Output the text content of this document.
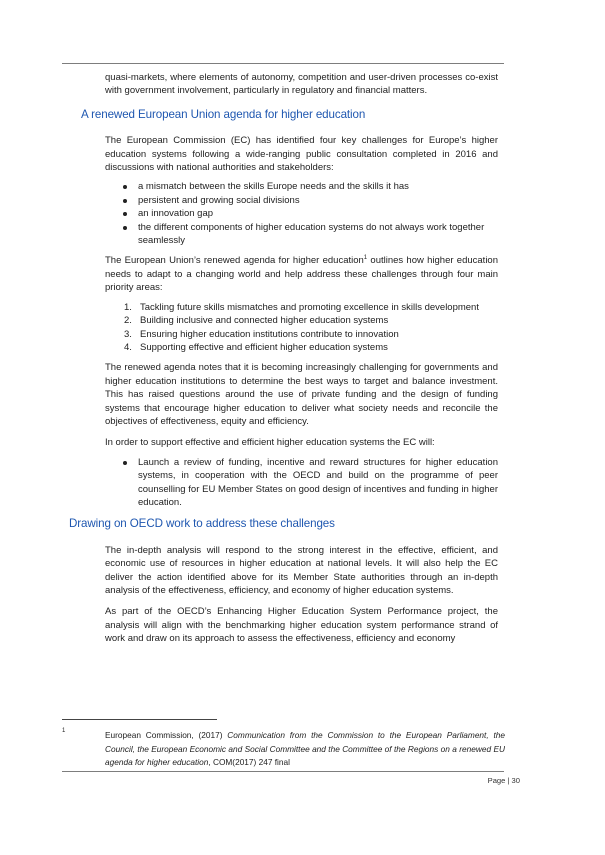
quasi-markets, where elements of autonomy, competition and user-driven processes co-exist with government involvement, particularly in regulatory and financial matters.

A renewed European Union agenda for higher education

The European Commission (EC) has identified four key challenges for Europe’s higher education systems following a wide-ranging public consultation completed in 2016 and discussions with national authorities and stakeholders:

a mismatch between the skills Europe needs and the skills it has
persistent and growing social divisions
an innovation gap
the different components of higher education systems do not always work together seamlessly

The European Union’s renewed agenda for higher education$^1$ outlines how higher education needs to adapt to a changing world and help address these challenges through four main priority areas:

1. Tackling future skills mismatches and promoting excellence in skills development
2. Building inclusive and connected higher education systems
3. Ensuring higher education institutions contribute to innovation
4. Supporting effective and efficient higher education systems

The renewed agenda notes that it is becoming increasingly challenging for governments and higher education institutions to determine the best ways to target and balance investment. This has raised questions around the use of private funding and the design of funding systems that encourage higher education to deliver what society needs and reconcile the objectives of effectiveness, equity and efficiency.

In order to support effective and efficient higher education systems the EC will:

Launch a review of funding, incentive and reward structures for higher education systems, in cooperation with the OECD and build on the programme of peer counselling for EU Member States on good design of incentives and funding in higher education.
Drawing on OECD work to address these challenges

The in-depth analysis will respond to the strong interest in the effective, efficient, and economic use of resources in higher education at national levels. It will also help the EC deliver the action identified above for its Member State authorities through an in-depth analysis of the effectiveness, efficiency, and economy of higher education systems.

As part of the OECD’s Enhancing Higher Education System Performance project, the analysis will align with the benchmarking higher education system performance strand of work and draw on its approach to assess the effectiveness, efficiency and economy

1	European Commission, (2017) Communication from the Commission to the European Parliament, the Council, the European Economic and Social Committee and the Committee of the Regions on a renewed EU agenda for higher education, COM(2017) 247 final
Page | 30
